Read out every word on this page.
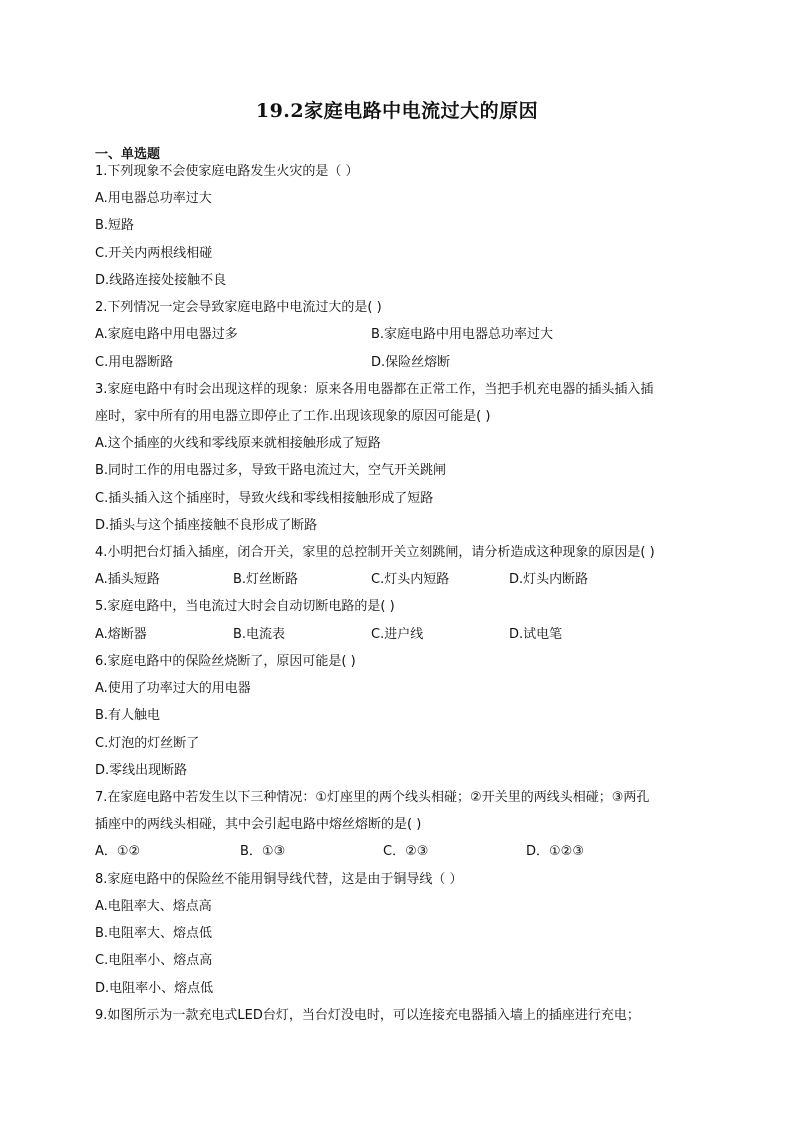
19.2家庭电路中电流过大的原因
一、单选题
1.下列现象不会使家庭电路发生火灾的是（ ）
A.用电器总功率过大
B.短路
C.开关内两根线相碰
D.线路连接处接触不良
2.下列情况一定会导致家庭电路中电流过大的是( )
A.家庭电路中用电器过多	B.家庭电路中用电器总功率过大
C.用电器断路	D.保险丝熔断
3.家庭电路中有时会出现这样的现象：原来各用电器都在正常工作，当把手机充电器的插头插入插
座时，家中所有的用电器立即停止了工作.出现该现象的原因可能是( )
A.这个插座的火线和零线原来就相接触形成了短路
B.同时工作的用电器过多，导致干路电流过大，空气开关跳闸
C.插头插入这个插座时，导致火线和零线相接触形成了短路
D.插头与这个插座接触不良形成了断路
4.小明把台灯插入插座，闭合开关，家里的总控制开关立刻跳闸，请分析造成这种现象的原因是( )
A.插头短路	B.灯丝断路	C.灯头内短路	D.灯头内断路
5.家庭电路中，当电流过大时会自动切断电路的是( )
A.熔断器	B.电流表	C.进户线	D.试电笔
6.家庭电路中的保险丝烧断了，原因可能是( )
A.使用了功率过大的用电器
B.有人触电
C.灯泡的灯丝断了
D.零线出现断路
7.在家庭电路中若发生以下三种情况：①灯座里的两个线头相碰；②开关里的两线头相碰；③两孔
插座中的两线头相碰，其中会引起电路中熔丝熔断的是( )
A．①②	B．①③	C．②③	D．①②③
8.家庭电路中的保险丝不能用铜导线代替，这是由于铜导线（ ）
A.电阻率大、熔点高
B.电阻率大、熔点低
C.电阻率小、熔点高
D.电阻率小、熔点低
9.如图所示为一款充电式LED台灯，当台灯没电时，可以连接充电器插入墙上的插座进行充电；
